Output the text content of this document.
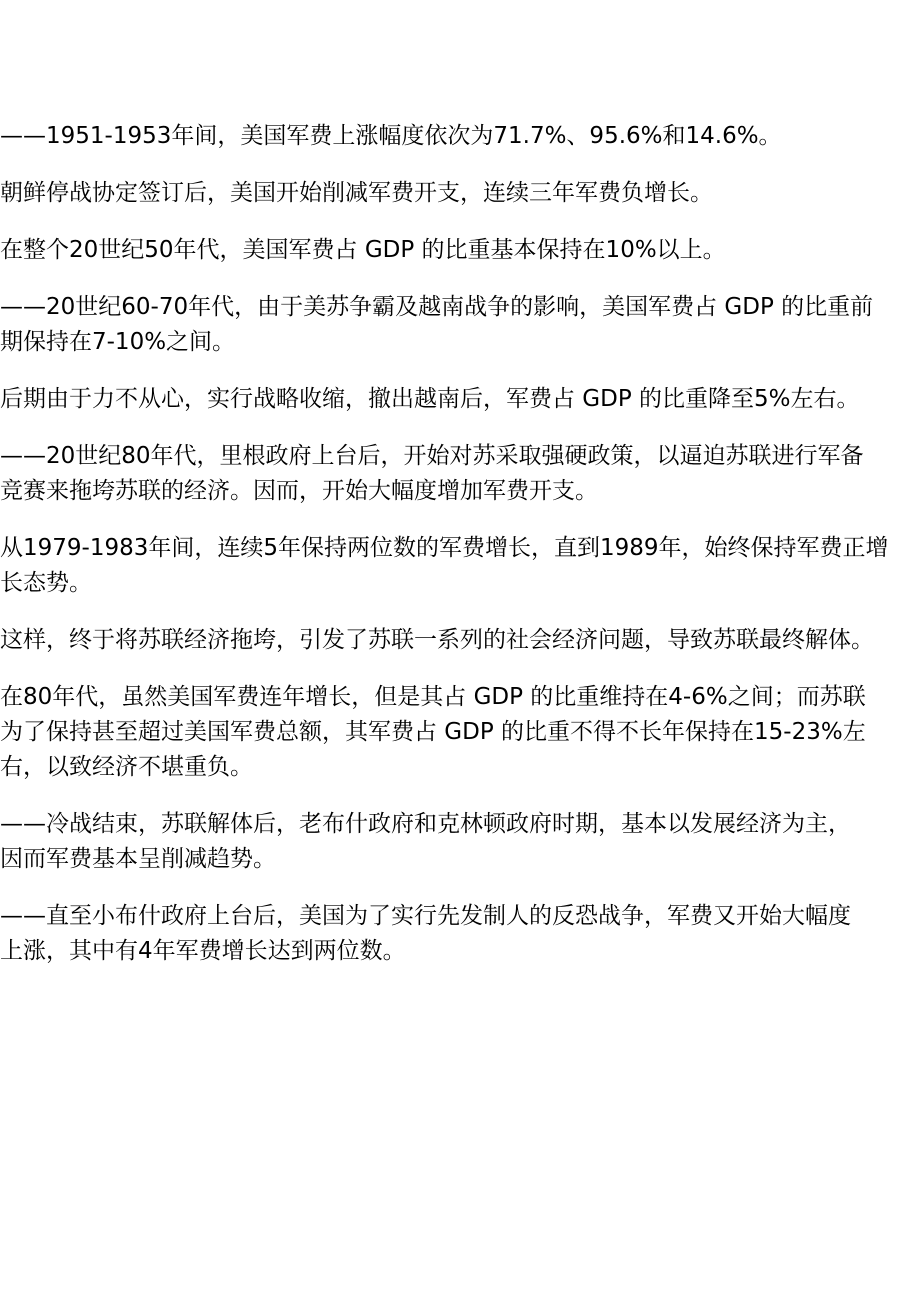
——1951-1953年间，美国军费上涨幅度依次为71.7%、95.6%和14.6%。

朝鲜停战协定签订后，美国开始削减军费开支，连续三年军费负增长。

在整个20世纪50年代，美国军费占 GDP 的比重基本保持在10%以上。

——20世纪60-70年代，由于美苏争霸及越南战争的影响，美国军费占 GDP 的比重前
期保持在7-10%之间。

后期由于力不从心，实行战略收缩，撤出越南后，军费占 GDP 的比重降至5%左右。

——20世纪80年代，里根政府上台后，开始对苏采取强硬政策，以逼迫苏联进行军备
竞赛来拖垮苏联的经济。因而，开始大幅度增加军费开支。

从1979-1983年间，连续5年保持两位数的军费增长，直到1989年，始终保持军费正增
长态势。

这样，终于将苏联经济拖垮，引发了苏联一系列的社会经济问题，导致苏联最终解体。

在80年代，虽然美国军费连年增长，但是其占 GDP 的比重维持在4-6%之间；而苏联
为了保持甚至超过美国军费总额，其军费占 GDP 的比重不得不长年保持在15-23%左
右，以致经济不堪重负。

——冷战结束，苏联解体后，老布什政府和克林顿政府时期，基本以发展经济为主，
因而军费基本呈削减趋势。

——直至小布什政府上台后，美国为了实行先发制人的反恐战争，军费又开始大幅度
上涨，其中有4年军费增长达到两位数。
